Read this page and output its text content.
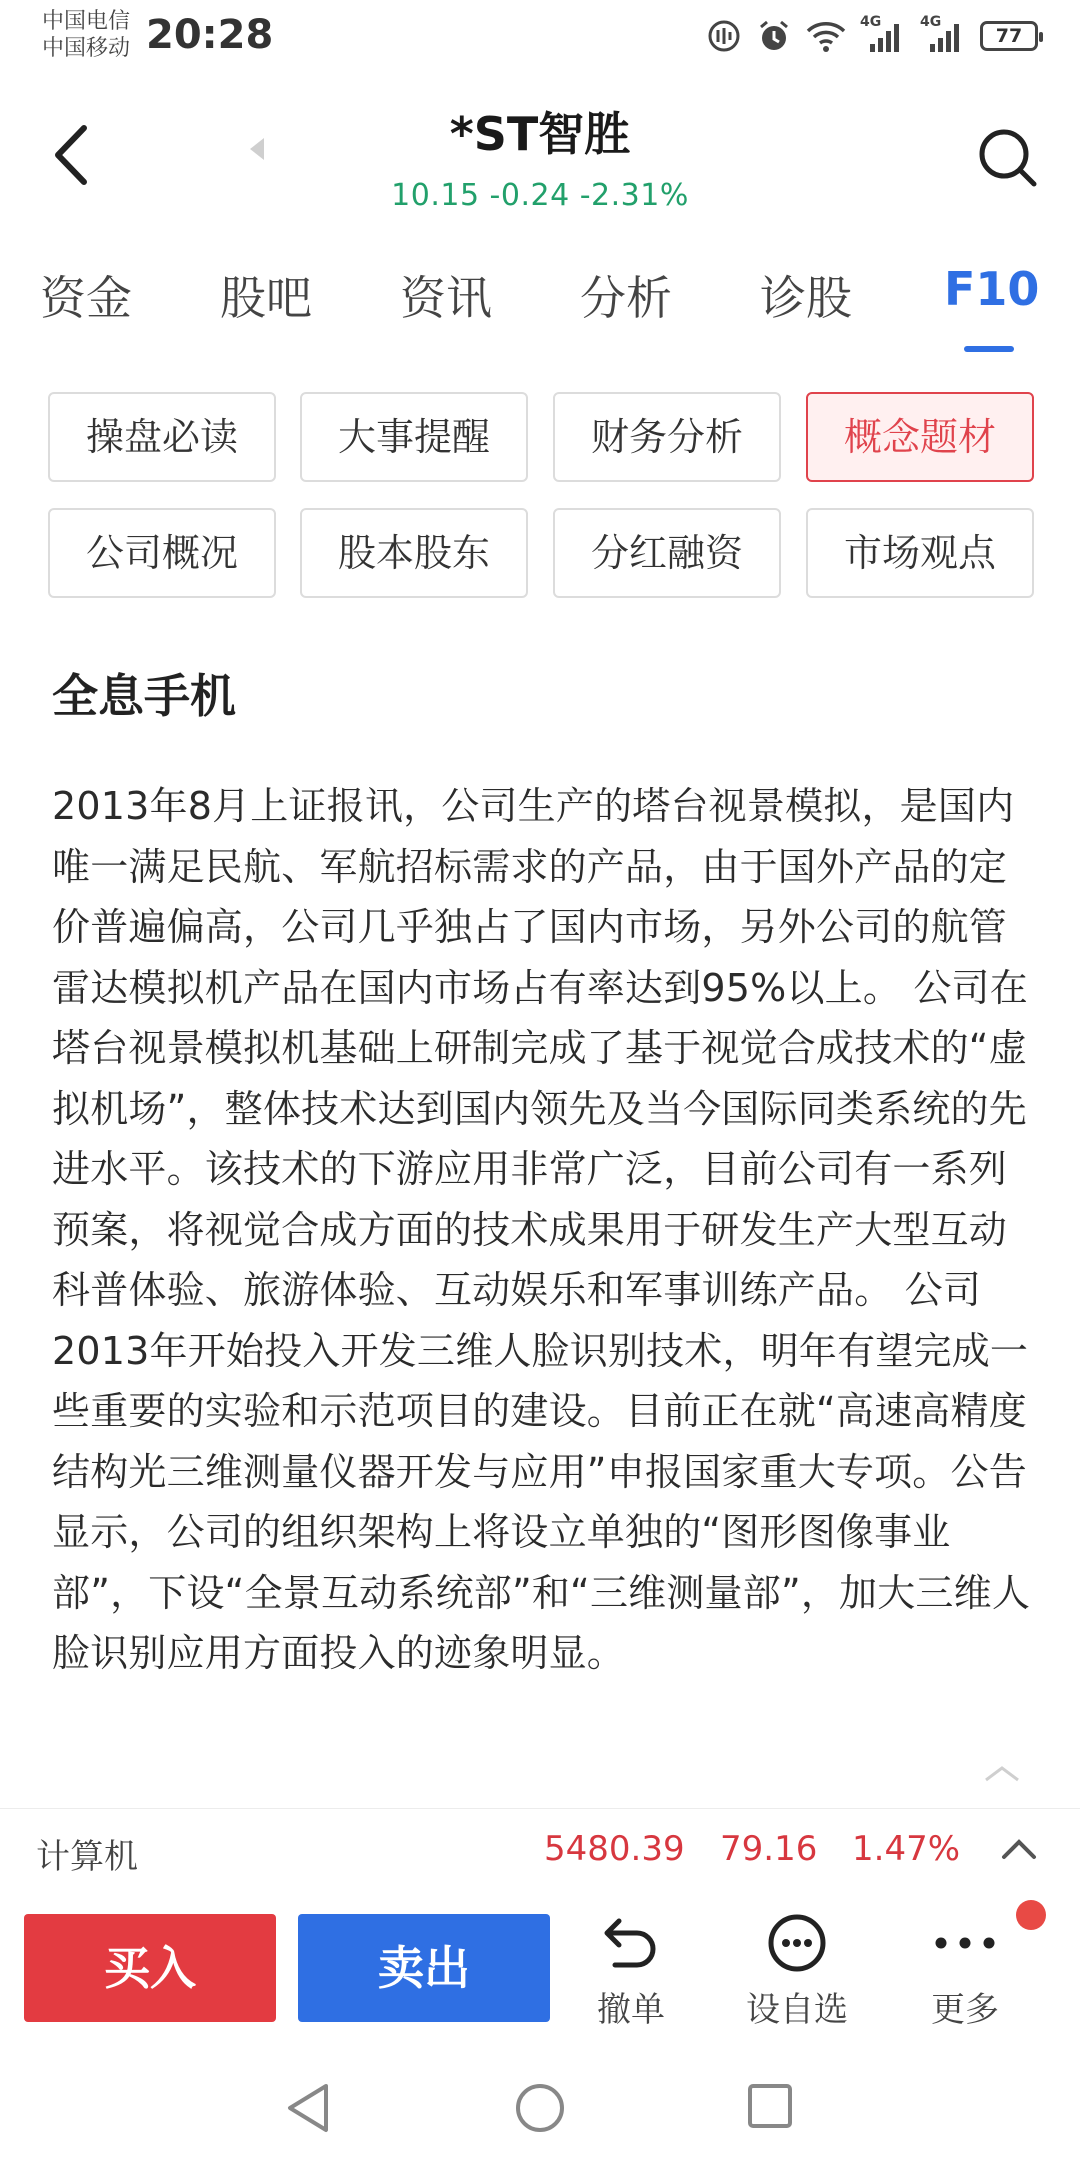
中国电信
中国移动 20:28	4G	4G
77
*ST智胜
10.15 -0.24 -2.31%
资金 股吧 资讯 分析 诊股 F10
操盘必读	大事提醒	财务分析	概念题材
公司概况	股本股东	分红融资	市场观点
全息手机
2013年8月上证报讯，公司生产的塔台视景模拟，是国内唯一满足民航、军航招标需求的产品，由于国外产品的定价普遍偏高，公司几乎独占了国内市场，另外公司的航管雷达模拟机产品在国内市场占有率达到95%以上。 公司在塔台视景模拟机基础上研制完成了基于视觉合成技术的“虚拟机场”，整体技术达到国内领先及当今国际同类系统的先进水平。该技术的下游应用非常广泛，目前公司有一系列预案，将视觉合成方面的技术成果用于研发生产大型互动科普体验、旅游体验、互动娱乐和军事训练产品。 公司2013年开始投入开发三维人脸识别技术，明年有望完成一些重要的实验和示范项目的建设。目前正在就“高速高精度结构光三维测量仪器开发与应用”申报国家重大专项。公告显示，公司的组织架构上将设立单独的“图形图像事业部”，下设“全景互动系统部”和“三维测量部”，加大三维人脸识别应用方面投入的迹象明显。
计算机	5480.39 79.16 1.47%
买入	卖出
撤单	设自选	更多
